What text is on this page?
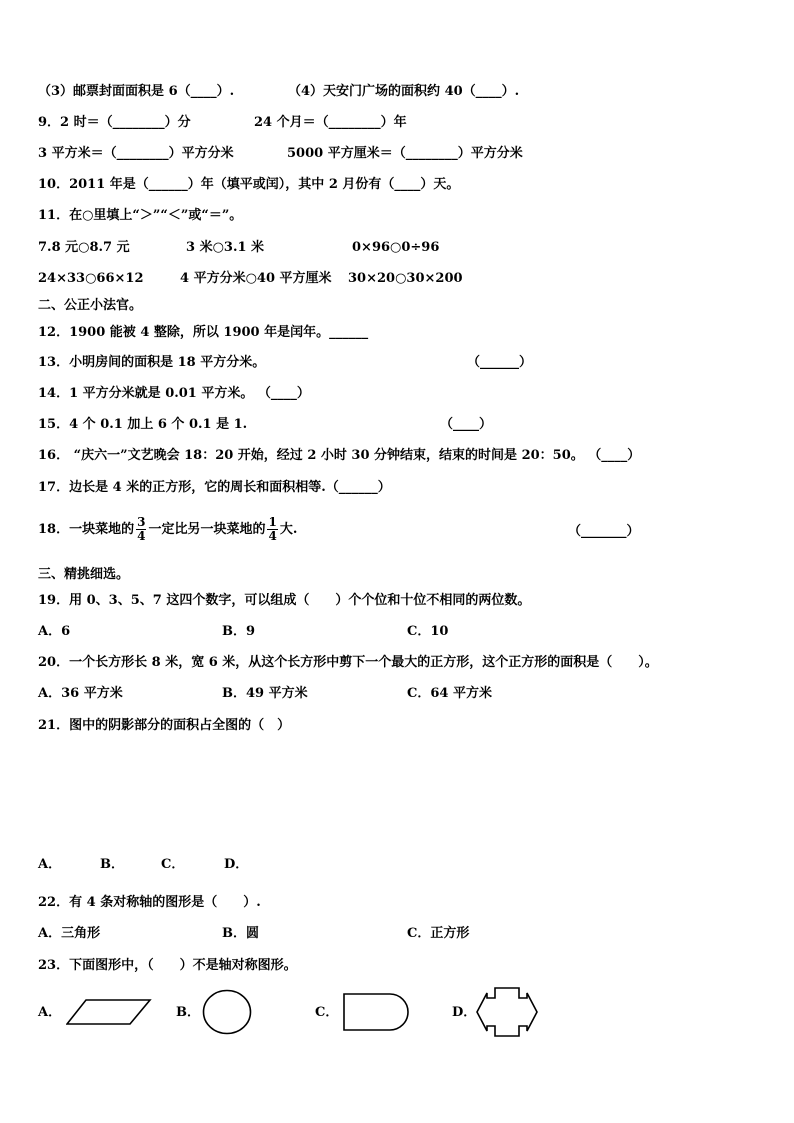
（3）邮票封面面积是 6（____）.	（4）天安门广场的面积约 40（____）.
9．2 时＝（________）分	24 个月＝（________）年
3 平方米＝（________）平方分米	5000 平方厘米＝（________）平方分米
10．2011 年是（______）年（填平或闰），其中 2 月份有（____）天。
11．在○里填上“＞”“＜”或“＝”。
7.8 元○8.7 元	3 米○3.1 米	0×96○0÷96
24×33○66×12	4 平方分米○40 平方厘米 30×20○30×200
二、公正小法官。
12．1900 能被 4 整除，所以 1900 年是闰年。______
13．小明房间的面积是 18 平方分米。	（______）
14．1 平方分米就是 0.01 平方米。 （____）
15．4 个 0.1 加上 6 个 0.1 是 1.	（____）
16． “庆六一”文艺晚会 18：20 开始，经过 2 小时 30 分钟结束，结束的时间是 20：50。 （____）
17．边长是 4 米的正方形，它的周长和面积相等.（______）
18．一块菜地的 $\frac{3}{4}$ 一定比另一块菜地的 $\frac{1}{4}$ 大.	（_______）
三、精挑细选。
19．用 0、3、5、7 这四个数字，可以组成（　　）个个位和十位不相同的两位数。
A．6	B．9	C．10
20．一个长方形长 8 米，宽 6 米，从这个长方形中剪下一个最大的正方形，这个正方形的面积是（　　）。
A．36 平方米	B．49 平方米	C．64 平方米
21．图中的阴影部分的面积占全图的（　）
A．	B．	C．	D．
22．有 4 条对称轴的图形是（　　）.
A．三角形	B．圆	C．正方形
23．下面图形中，（　　）不是轴对称图形。
A．	B．	C．	D．
